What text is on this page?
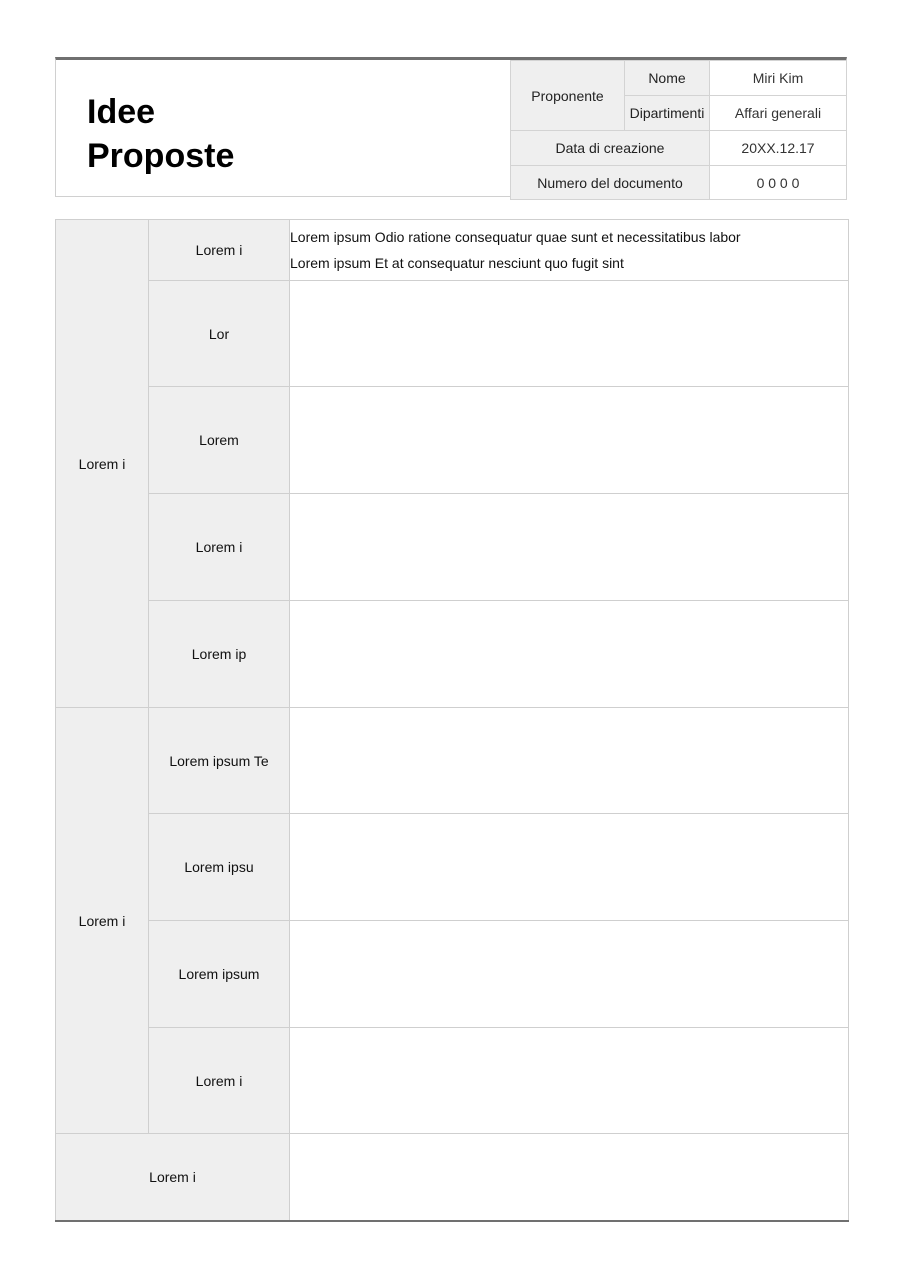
Idee
Proposte
Proponente	Nome	Miri Kim
	Dipartimenti	Affari generali
Data di creazione		20XX.12.17
Numero del documento		0 0 0 0
Lorem i	Lorem i	Lorem ipsum Odio ratione consequatur quae sunt et necessitatibus labor
Lorem ipsum Et at consequatur nesciunt quo fugit sint

	Lor	
	Lorem	
	Lorem i	
	Lorem ip	
Lorem i	Lorem ipsum Te	
	Lorem ipsu	
	Lorem ipsum	
	Lorem i	
Lorem i		
